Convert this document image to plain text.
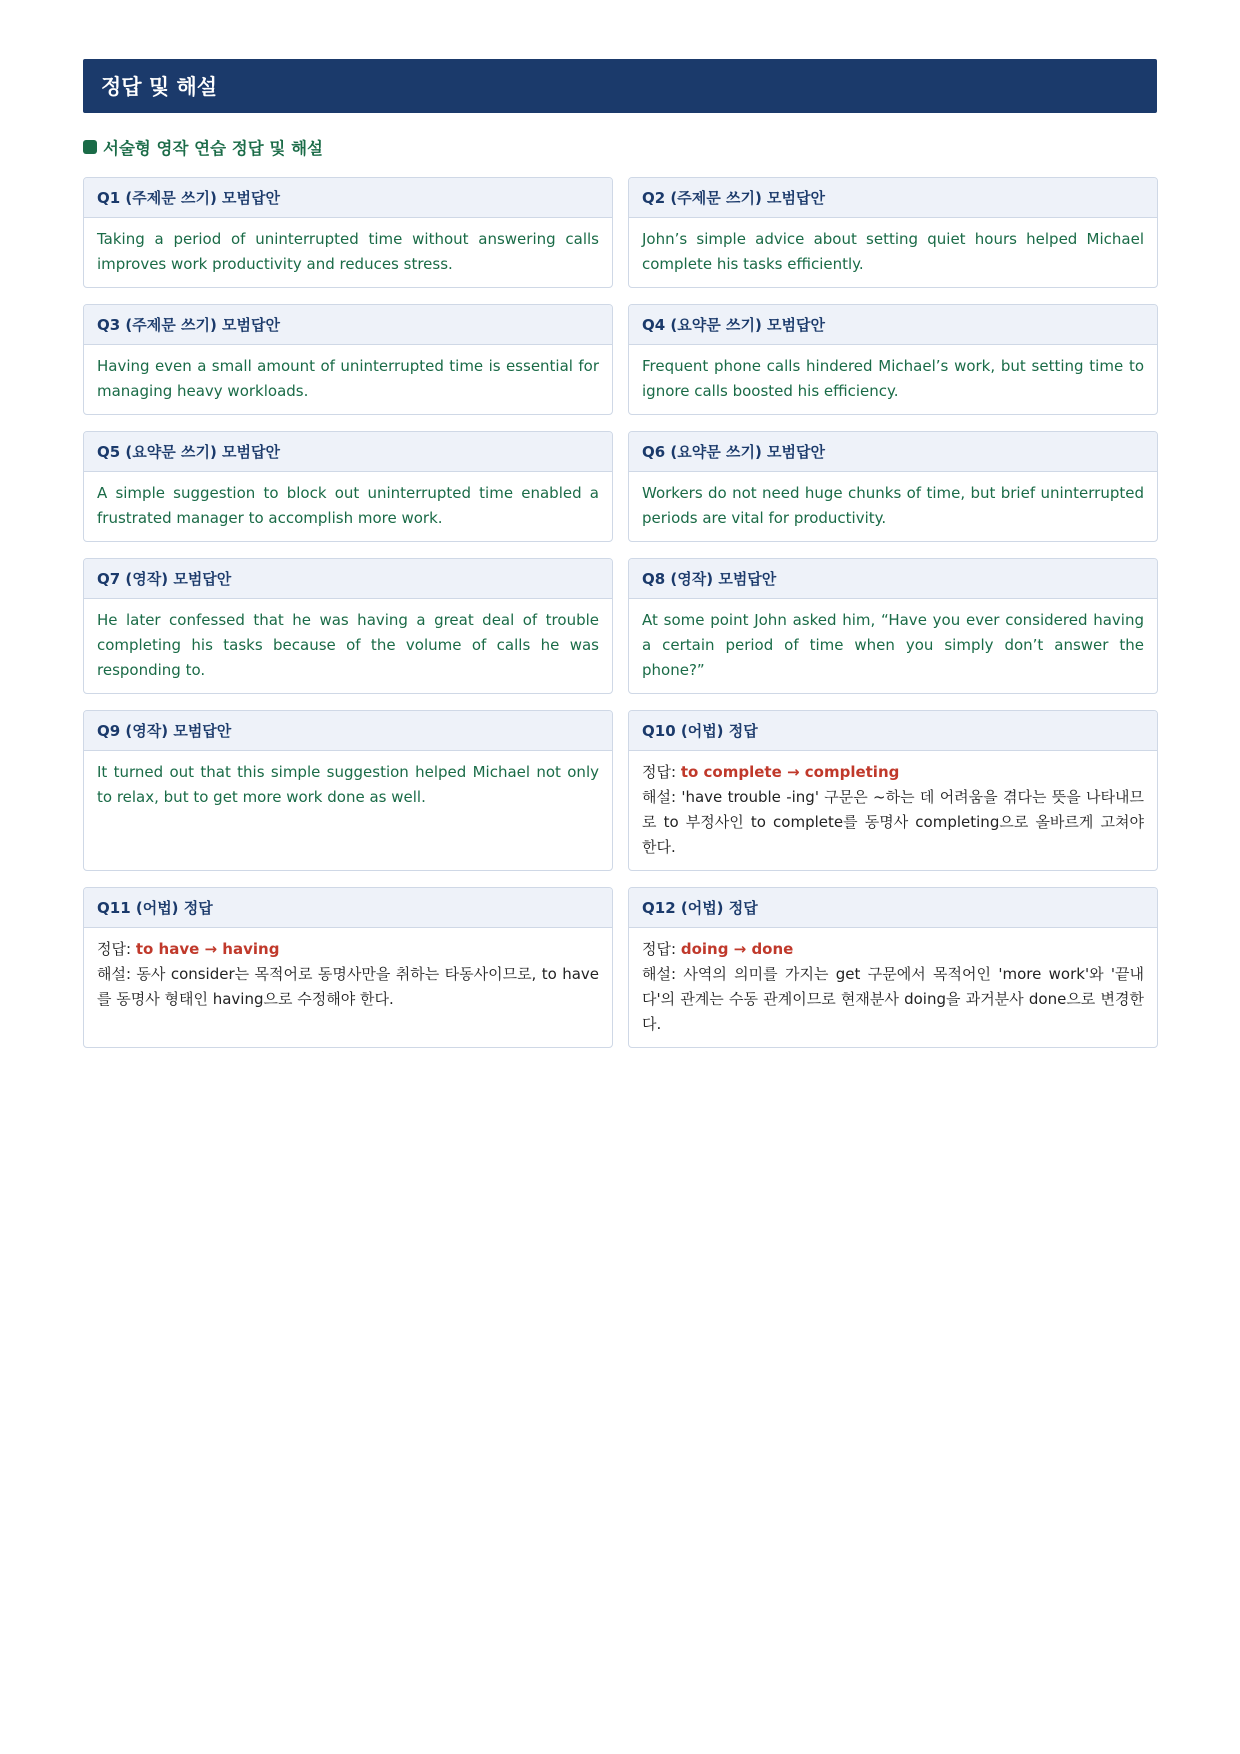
정답 및 해설
서술형 영작 연습 정답 및 해설
Q1 (주제문 쓰기) 모범답안
Taking a period of uninterrupted time without answering calls improves work productivity and reduces stress.
Q2 (주제문 쓰기) 모범답안
John’s simple advice about setting quiet hours helped Michael complete his tasks efficiently.
Q3 (주제문 쓰기) 모범답안
Having even a small amount of uninterrupted time is essential for managing heavy workloads.
Q4 (요약문 쓰기) 모범답안
Frequent phone calls hindered Michael’s work, but setting time to ignore calls boosted his efficiency.
Q5 (요약문 쓰기) 모범답안
A simple suggestion to block out uninterrupted time enabled a frustrated manager to accomplish more work.
Q6 (요약문 쓰기) 모범답안
Workers do not need huge chunks of time, but brief uninterrupted periods are vital for productivity.
Q7 (영작) 모범답안
He later confessed that he was having a great deal of trouble completing his tasks because of the volume of calls he was responding to.
Q8 (영작) 모범답안
At some point John asked him, “Have you ever considered having a certain period of time when you simply don’t answer the phone?”
Q9 (영작) 모범답안
It turned out that this simple suggestion helped Michael not only to relax, but to get more work done as well.
Q10 (어법) 정답
정답: to complete → completing
해설: 'have trouble -ing' 구문은 ~하는 데 어려움을 겪다는 뜻을 나타내므로 to 부정사인 to complete를 동명사 completing으로 올바르게 고쳐야 한다.
Q11 (어법) 정답
정답: to have → having
해설: 동사 consider는 목적어로 동명사만을 취하는 타동사이므로, to have를 동명사 형태인 having으로 수정해야 한다.
Q12 (어법) 정답
정답: doing → done
해설: 사역의 의미를 가지는 get 구문에서 목적어인 'more work'와 '끝내다'의 관계는 수동 관계이므로 현재분사 doing을 과거분사 done으로 변경한다.
